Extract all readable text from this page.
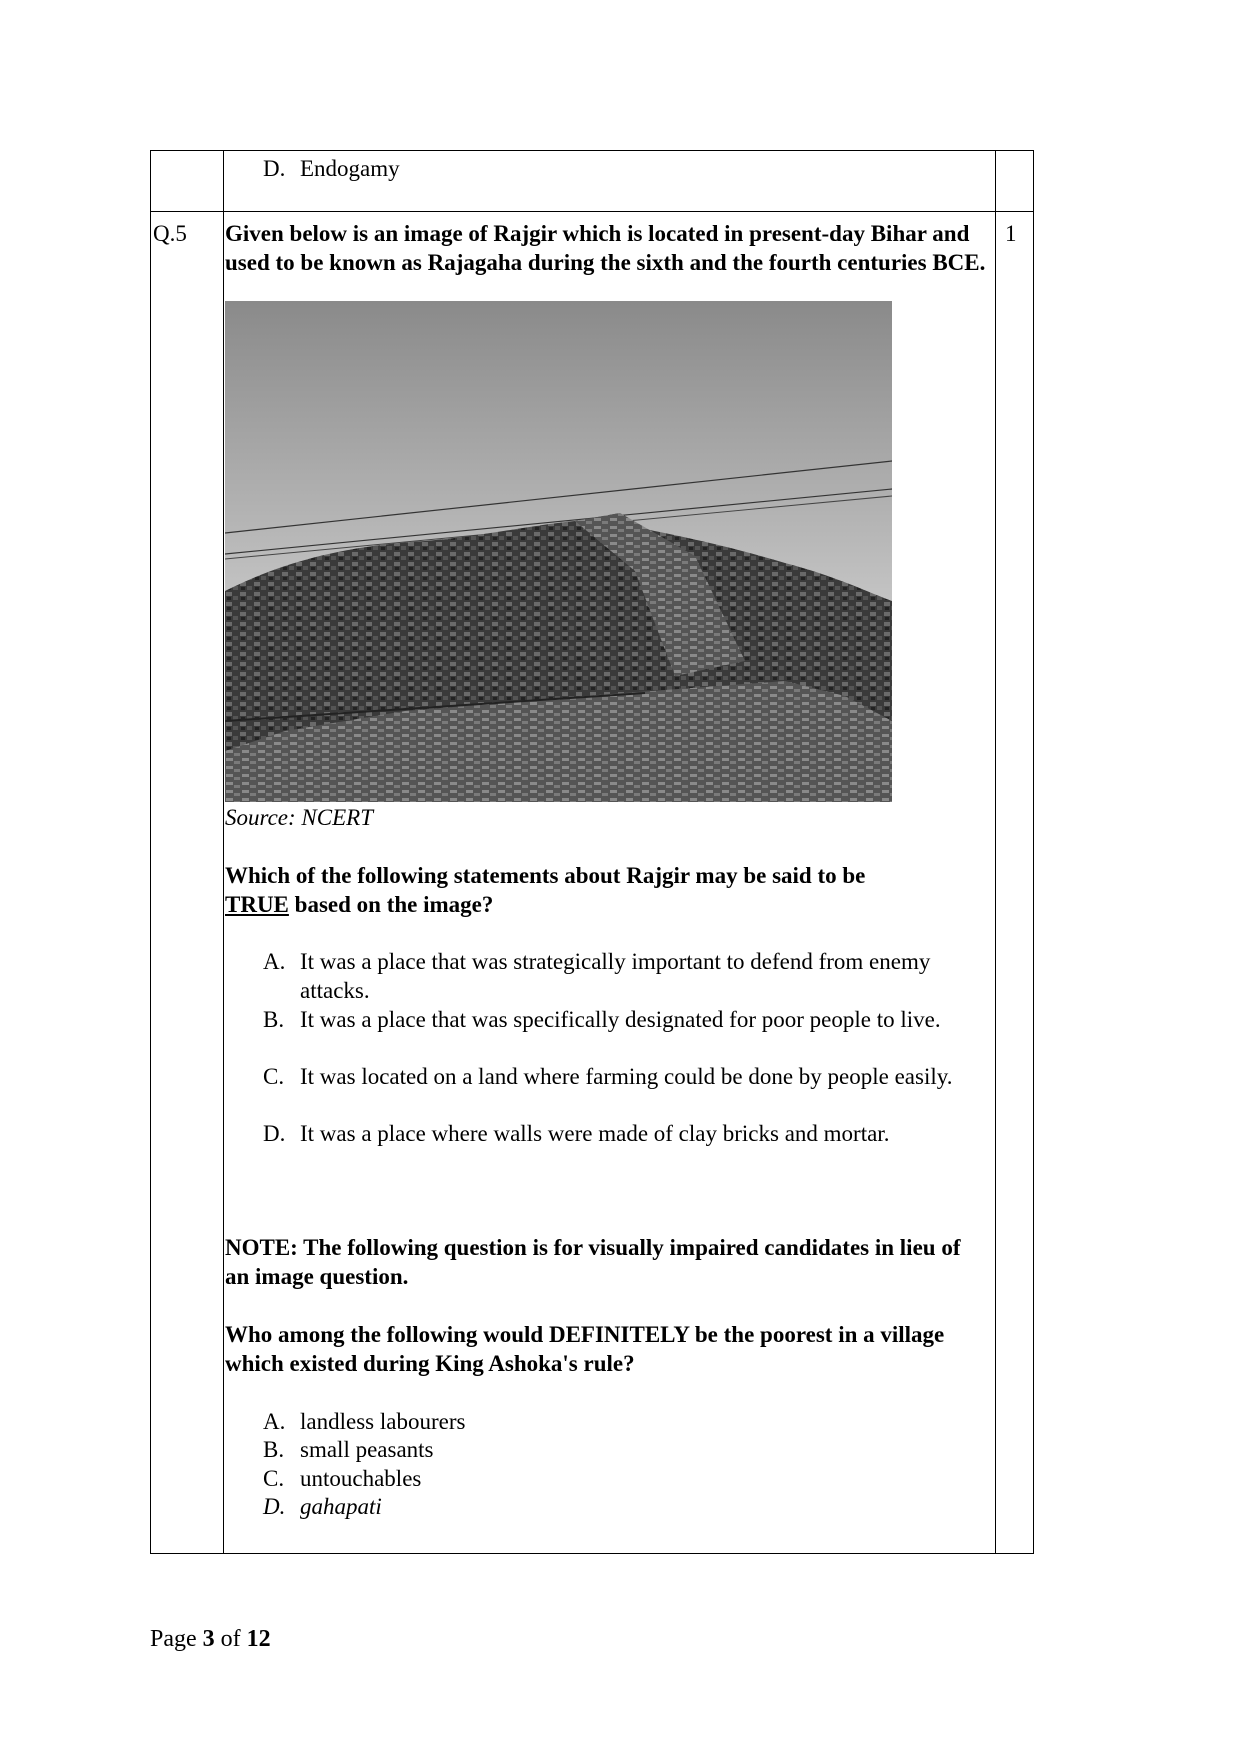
D. Endogamy
Q.5	1
Given below is an image of Rajgir which is located in present-day Bihar and used to be known as Rajagaha during the sixth and the fourth centuries BCE.
Source: NCERT
Which of the following statements about Rajgir may be said to be TRUE based on the image?
A. It was a place that was strategically important to defend from enemy attacks.
B. It was a place that was specifically designated for poor people to live.
C. It was located on a land where farming could be done by people easily.
D. It was a place where walls were made of clay bricks and mortar.
NOTE: The following question is for visually impaired candidates in lieu of an image question.
Who among the following would DEFINITELY be the poorest in a village which existed during King Ashoka's rule?
A. landless labourers
B. small peasants
C. untouchables
D. gahapati
Page 3 of 12
